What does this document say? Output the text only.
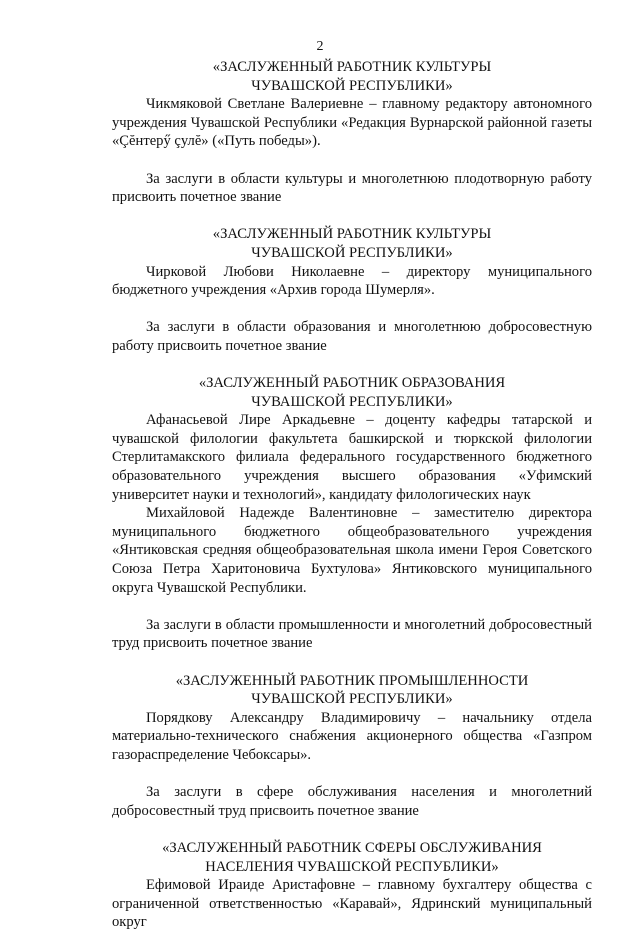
2
«ЗАСЛУЖЕННЫЙ РАБОТНИК КУЛЬТУРЫ
ЧУВАШСКОЙ РЕСПУБЛИКИ»

Чикмяковой Светлане Валериевне – главному редактору автономного учреждения Чувашской Республики «Редакция Вурнарской районной газеты «Çĕнтерӳ çулĕ» («Путь победы»).

За заслуги в области культуры и многолетнюю плодотворную работу присвоить почетное звание

«ЗАСЛУЖЕННЫЙ РАБОТНИК КУЛЬТУРЫ
ЧУВАШСКОЙ РЕСПУБЛИКИ»

Чирковой Любови Николаевне – директору муниципального бюджетного учреждения «Архив города Шумерля».

За заслуги в области образования и многолетнюю добросовестную работу присвоить почетное звание

«ЗАСЛУЖЕННЫЙ РАБОТНИК ОБРАЗОВАНИЯ
ЧУВАШСКОЙ РЕСПУБЛИКИ»

Афанасьевой Лире Аркадьевне – доценту кафедры татарской и чувашской филологии факультета башкирской и тюркской филологии Стерлитамакского филиала федерального государственного бюджетного образовательного учреждения высшего образования «Уфимский университет науки и технологий», кандидату филологических наук

Михайловой Надежде Валентиновне – заместителю директора муниципального бюджетного общеобразовательного учреждения «Янтиковская средняя общеобразовательная школа имени Героя Советского Союза Петра Харитоновича Бухтулова» Янтиковского муниципального округа Чувашской Республики.

За заслуги в области промышленности и многолетний добросовестный труд присвоить почетное звание

«ЗАСЛУЖЕННЫЙ РАБОТНИК ПРОМЫШЛЕННОСТИ
ЧУВАШСКОЙ РЕСПУБЛИКИ»

Порядкову Александру Владимировичу – начальнику отдела материально-технического снабжения акционерного общества «Газпром газораспределение Чебоксары».

За заслуги в сфере обслуживания населения и многолетний добросовестный труд присвоить почетное звание

«ЗАСЛУЖЕННЫЙ РАБОТНИК СФЕРЫ ОБСЛУЖИВАНИЯ
НАСЕЛЕНИЯ ЧУВАШСКОЙ РЕСПУБЛИКИ»

Ефимовой Ираиде Аристафовне – главному бухгалтеру общества с ограниченной ответственностью «Каравай», Ядринский муниципальный округ
